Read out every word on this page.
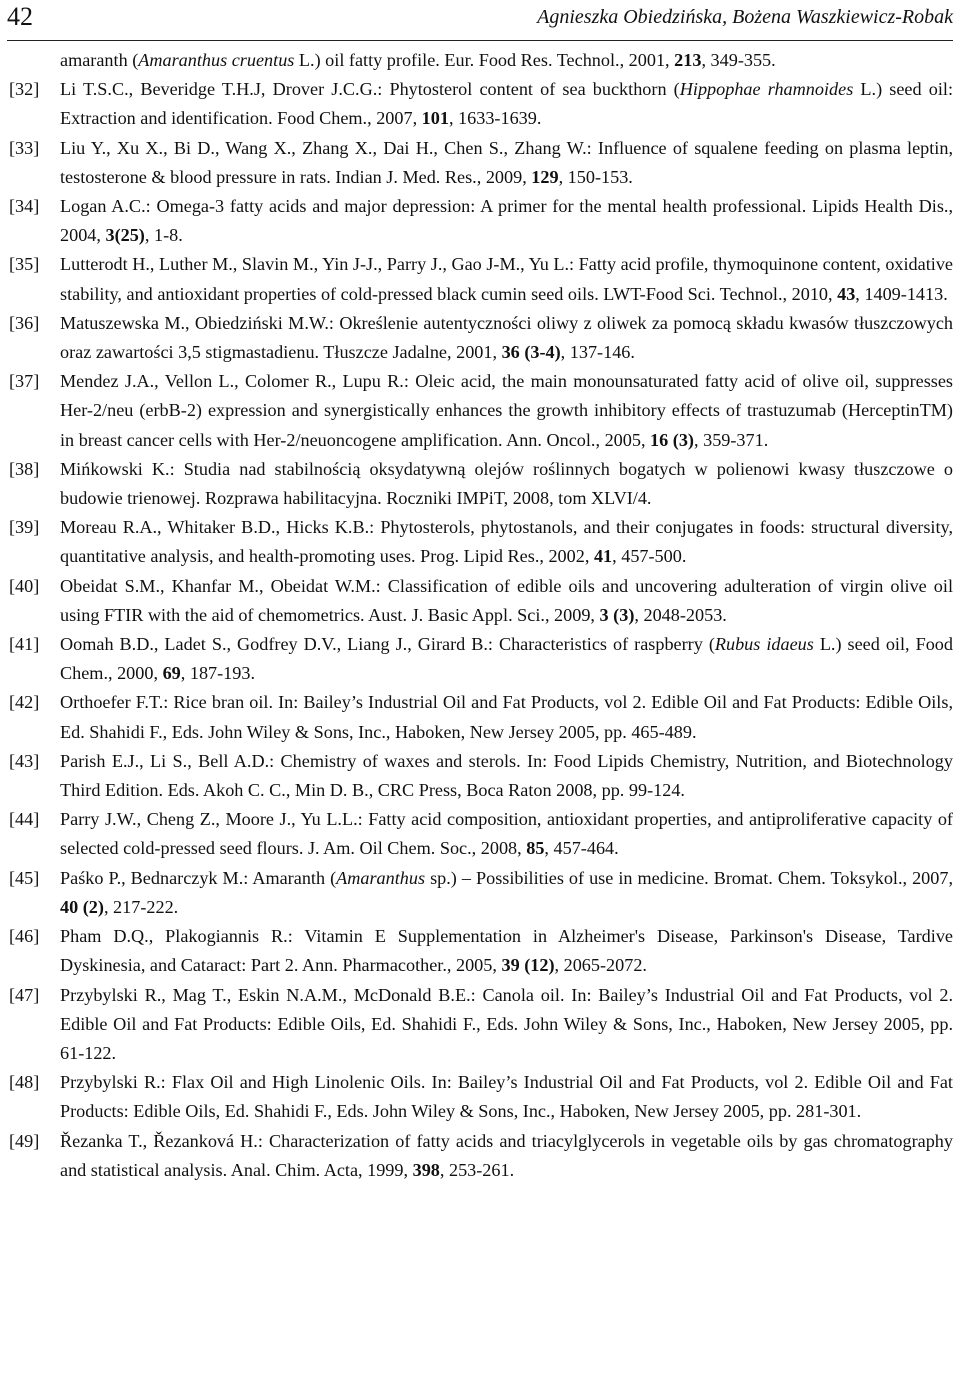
42	Agnieszka Obiedzińska, Bożena Waszkiewicz-Robak
amaranth (Amaranthus cruentus L.) oil fatty profile. Eur. Food Res. Technol., 2001, 213, 349-355.
[32] Li T.S.C., Beveridge T.H.J, Drover J.C.G.: Phytosterol content of sea buckthorn (Hippophae rhamnoides L.) seed oil: Extraction and identification. Food Chem., 2007, 101, 1633-1639.
[33] Liu Y., Xu X., Bi D., Wang X., Zhang X., Dai H., Chen S., Zhang W.: Influence of squalene feeding on plasma leptin, testosterone & blood pressure in rats. Indian J. Med. Res., 2009, 129, 150-153.
[34] Logan A.C.: Omega-3 fatty acids and major depression: A primer for the mental health professional. Lipids Health Dis., 2004, 3(25), 1-8.
[35] Lutterodt H., Luther M., Slavin M., Yin J-J., Parry J., Gao J-M., Yu L.: Fatty acid profile, thymoquinone content, oxidative stability, and antioxidant properties of cold-pressed black cumin seed oils. LWT-Food Sci. Technol., 2010, 43, 1409-1413.
[36] Matuszewska M., Obiedziński M.W.: Określenie autentyczności oliwy z oliwek za pomocą składu kwasów tłuszczowych oraz zawartości 3,5 stigmastadienu. Tłuszcze Jadalne, 2001, 36 (3-4), 137-146.
[37] Mendez J.A., Vellon L., Colomer R., Lupu R.: Oleic acid, the main monounsaturated fatty acid of olive oil, suppresses Her-2/neu (erbB-2) expression and synergistically enhances the growth inhibitory effects of trastuzumab (HerceptinTM) in breast cancer cells with Her-2/neuoncogene amplification. Ann. Oncol., 2005, 16 (3), 359-371.
[38] Mińkowski K.: Studia nad stabilnością oksydatywną olejów roślinnych bogatych w polienowi kwasy tłuszczowe o budowie trienowej. Rozprawa habilitacyjna. Roczniki IMPiT, 2008, tom XLVI/4.
[39] Moreau R.A., Whitaker B.D., Hicks K.B.: Phytosterols, phytostanols, and their conjugates in foods: structural diversity, quantitative analysis, and health-promoting uses. Prog. Lipid Res., 2002, 41, 457-500.
[40] Obeidat S.M., Khanfar M., Obeidat W.M.: Classification of edible oils and uncovering adulteration of virgin olive oil using FTIR with the aid of chemometrics. Aust. J. Basic Appl. Sci., 2009, 3 (3), 2048-2053.
[41] Oomah B.D., Ladet S., Godfrey D.V., Liang J., Girard B.: Characteristics of raspberry (Rubus idaeus L.) seed oil, Food Chem., 2000, 69, 187-193.
[42] Orthoefer F.T.: Rice bran oil. In: Bailey’s Industrial Oil and Fat Products, vol 2. Edible Oil and Fat Products: Edible Oils, Ed. Shahidi F., Eds. John Wiley & Sons, Inc., Haboken, New Jersey 2005, pp. 465-489.
[43] Parish E.J., Li S., Bell A.D.: Chemistry of waxes and sterols. In: Food Lipids Chemistry, Nutrition, and Biotechnology Third Edition. Eds. Akoh C. C., Min D. B., CRC Press, Boca Raton 2008, pp. 99-124.
[44] Parry J.W., Cheng Z., Moore J., Yu L.L.: Fatty acid composition, antioxidant properties, and antiproliferative capacity of selected cold-pressed seed flours. J. Am. Oil Chem. Soc., 2008, 85, 457-464.
[45] Paśko P., Bednarczyk M.: Amaranth (Amaranthus sp.) – Possibilities of use in medicine. Bromat. Chem. Toksykol., 2007, 40 (2), 217-222.
[46] Pham D.Q., Plakogiannis R.: Vitamin E Supplementation in Alzheimer's Disease, Parkinson's Disease, Tardive Dyskinesia, and Cataract: Part 2. Ann. Pharmacother., 2005, 39 (12), 2065-2072.
[47] Przybylski R., Mag T., Eskin N.A.M., McDonald B.E.: Canola oil. In: Bailey’s Industrial Oil and Fat Products, vol 2. Edible Oil and Fat Products: Edible Oils, Ed. Shahidi F., Eds. John Wiley & Sons, Inc., Haboken, New Jersey 2005, pp. 61-122.
[48] Przybylski R.: Flax Oil and High Linolenic Oils. In: Bailey’s Industrial Oil and Fat Products, vol 2. Edible Oil and Fat Products: Edible Oils, Ed. Shahidi F., Eds. John Wiley & Sons, Inc., Haboken, New Jersey 2005, pp. 281-301.
[49] Řezanka T., Řezanková H.: Characterization of fatty acids and triacylglycerols in vegetable oils by gas chromatography and statistical analysis. Anal. Chim. Acta, 1999, 398, 253-261.
